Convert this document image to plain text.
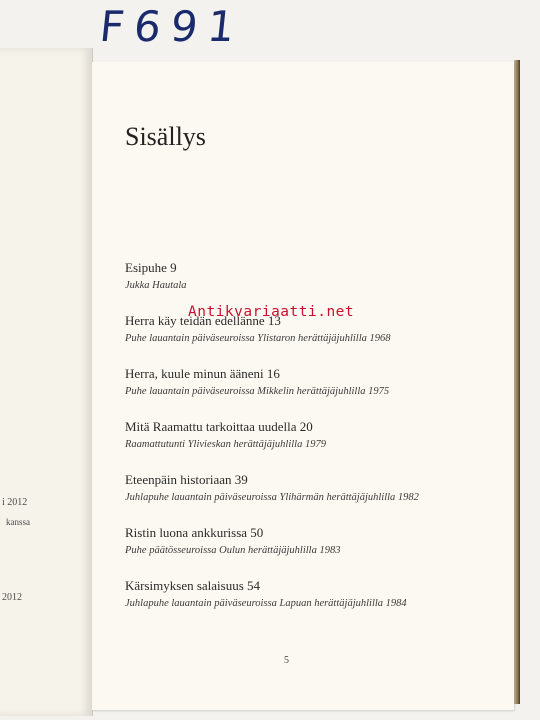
i 2012
kanssa
2012
F691
Sisällys
Esipuhe 9
Jukka Hautala
Herra käy teidän edellänne 13
Puhe lauantain päiväseuroissa Ylistaron herättäjäjuhlilla 1968
Herra, kuule minun ääneni 16
Puhe lauantain päiväseuroissa Mikkelin herättäjäjuhlilla 1975
Mitä Raamattu tarkoittaa uudella 20
Raamattutunti Ylivieskan herättäjäjuhlilla 1979
Eteenpäin historiaan 39
Juhlapuhe lauantain päiväseuroissa Ylihärmän herättäjäjuhlilla 1982
Ristin luona ankkurissa 50
Puhe päätösseuroissa Oulun herättäjäjuhlilla 1983
Kärsimyksen salaisuus 54
Juhlapuhe lauantain päiväseuroissa Lapuan herättäjäjuhlilla 1984
Antikvariaatti.net
5
